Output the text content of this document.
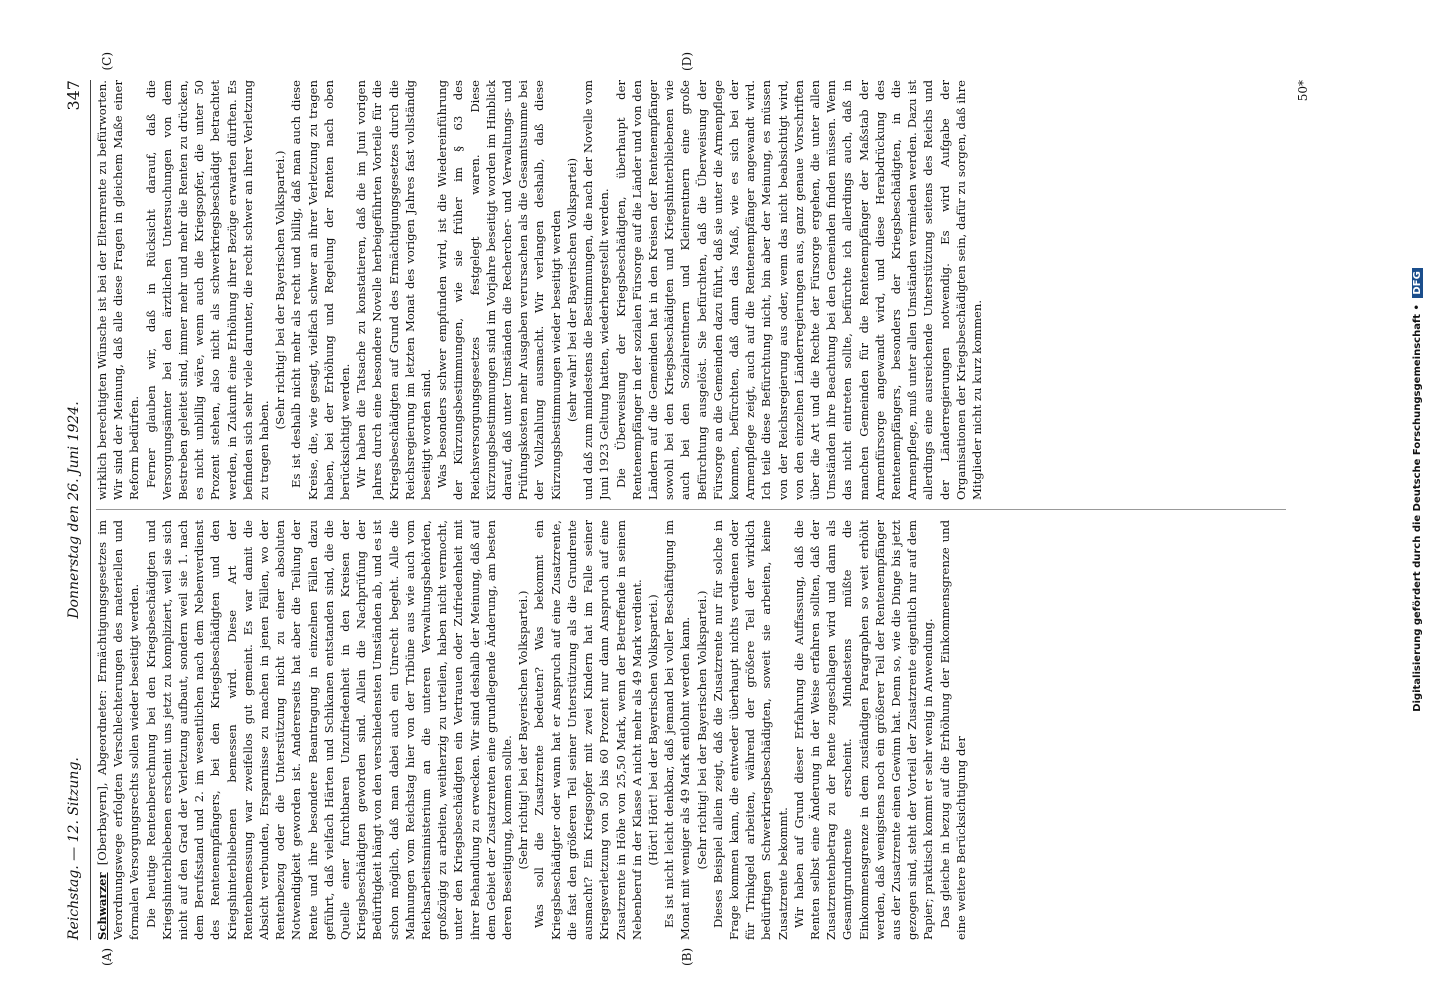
Reichstag. — 12. Sitzung.
Donnerstag den 26. Juni 1924.
347
(A)	(B)
(C)	(D)

Schwarzer [Oberbayern], Abgeordneter: Ermächtigungsgesetzes im Verordnungswege erfolgten Verschlechterungen des materiellen und formalen Versorgungsrechts sollen wieder beseitigt werden. Die heutige Rentenberechnung bei den Kriegsbeschädigten und Kriegshinterbliebenen erscheint uns jetzt zu kompliziert, weil sie sich nicht auf den Grad der Verletzung aufbaut, sondern weil sie 1. nach dem Berufsstand und 2. im wesentlichen nach dem Nebenverdienst des Rentenempfängers, bei den Kriegsbeschädigten und den Kriegshinterbliebenen bemessen wird. Diese Art der Rentenbemessung war zweifellos gut gemeint. Es war damit die Absicht verbunden, Ersparnisse zu machen in jenen Fällen, wo der Rentenbezug oder die Unterstützung nicht zu einer absoluten Notwendigkeit geworden ist. Andererseits hat aber die Teilung der Rente und ihre besondere Beantragung in einzelnen Fällen dazu geführt, daß vielfach Härten und Schikanen entstanden sind, die die Quelle einer furchtbaren Unzufriedenheit in den Kreisen der Kriegsbeschädigten geworden sind. Allein die Nachprüfung der Bedürftigkeit hängt von den verschiedensten Umständen ab, und es ist schon möglich, daß man dabei auch ein Unrecht begeht. Alle die Mahnungen vom Reichstag hier von der Tribüne aus wie auch vom Reichsarbeitsministerium an die unteren Verwaltungsbehörden, großzügig zu arbeiten, weitherzig zu urteilen, haben nicht vermocht, unter den Kriegsbeschädigten ein Vertrauen oder Zufriedenheit mit ihrer Behandlung zu erwecken. Wir sind deshalb der Meinung, daß auf dem Gebiet der Zusatzrenten eine grundlegende Änderung, am besten deren Beseitigung, kommen sollte. (Sehr richtig! bei der Bayerischen Volkspartei.) Was soll die Zusatzrente bedeuten? Was bekommt ein Kriegsbeschädigter oder wann hat er Anspruch auf eine Zusatzrente, die fast den größeren Teil seiner Unterstützung als die Grundrente ausmacht? Ein Kriegsopfer mit zwei Kindern hat im Falle seiner Kriegsverletzung von 50 bis 60 Prozent nur dann Anspruch auf eine Zusatzrente in Höhe von 25,50 Mark, wenn der Betreffende in seinem Nebenberuf in der Klasse A nicht mehr als 49 Mark verdient. (Hört! Hört! bei der Bayerischen Volkspartei.) Es ist nicht leicht denkbar, daß jemand bei voller Beschäftigung im Monat mit weniger als 49 Mark entlohnt werden kann. (Sehr richtig! bei der Bayerischen Volkspartei.) Dieses Beispiel allein zeigt, daß die Zusatzrente nur für solche in Frage kommen kann, die entweder überhaupt nichts verdienen oder für Trinkgeld arbeiten, während der größere Teil der wirklich bedürftigen Schwerkriegsbeschädigten, soweit sie arbeiten, keine Zusatzrente bekommt. Wir haben auf Grund dieser Erfahrung die Auffassung, daß die Renten selbst eine Änderung in der Weise erfahren sollten, daß der Zusatzrentenbetrag zu der Rente zugeschlagen wird und dann als Gesamtgrundrente erscheint. Mindestens müßte die Einkommensgrenze in dem zuständigen Paragraphen so weit erhöht werden, daß wenigstens noch ein größerer Teil der Rentenempfänger aus der Zusatzrente einen Gewinn hat. Denn so, wie die Dinge bis jetzt gezogen sind, steht der Vorteil der Zusatzrente eigentlich nur auf dem Papier; praktisch kommt er sehr wenig in Anwendung. Das gleiche in bezug auf die Erhöhung der Einkommensgrenze und eine weitere Berücksichtigung der

wirklich berechtigten Wünsche ist bei der Elternrente zu befürworten. Wir sind der Meinung, daß alle diese Fragen in gleichem Maße einer Reform bedürfen. Ferner glauben wir, daß in Rücksicht darauf, daß die Versorgungsämter bei den ärztlichen Untersuchungen von dem Bestreben geleitet sind, immer mehr und mehr die Renten zu drücken, es nicht unbillig wäre, wenn auch die Kriegsopfer, die unter 50 Prozent stehen, also nicht als schwerkriegsbeschädigt betrachtet werden, in Zukunft eine Erhöhung ihrer Bezüge erwarten dürften. Es befinden sich sehr viele darunter, die recht schwer an ihrer Verletzung zu tragen haben.

(Sehr richtig! bei der Bayerischen Volkspartei.) Es ist deshalb nicht mehr als recht und billig, daß man auch diese Kreise, die, wie gesagt, vielfach schwer an ihrer Verletzung zu tragen haben, bei der Erhöhung und Regelung der Renten nach oben berücksichtigt werden. Wir haben die Tatsache zu konstatieren, daß die im Juni vorigen Jahres durch eine besondere Novelle herbeigeführten Vorteile für die Kriegsbeschädigten auf Grund des Ermächtigungsgesetzes durch die Reichsregierung im letzten Monat des vorigen Jahres fast vollständig beseitigt worden sind. Was besonders schwer empfunden wird, ist die Wiedereinführung der Kürzungsbestimmungen, wie sie früher im § 63 des Reichsversorgungsgesetzes festgelegt waren. Diese Kürzungsbestimmungen sind im Vorjahre beseitigt worden im Hinblick darauf, daß unter Umständen die Rechercher- und Verwaltungs- und Prüfungskosten mehr Ausgaben verursachen als die Gesamtsumme bei der Vollzahlung ausmacht. Wir verlangen deshalb, daß diese Kürzungsbestimmungen wieder beseitigt werden (sehr wahr! bei der Bayerischen Volkspartei) und daß zum mindestens die Bestimmungen, die nach der Novelle vom Juni 1923 Geltung hatten, wiederhergestellt werden. Die Überweisung der Kriegsbeschädigten, überhaupt der Rentenempfänger in der sozialen Fürsorge auf die Länder und von den Ländern auf die Gemeinden hat in den Kreisen der Rentenempfänger sowohl bei den Kriegsbeschädigten und Kriegshinterbliebenen wie auch bei den Sozialrentnern und Kleinrentnern eine große Befürchtung ausgelöst. Sie befürchten, daß die Überweisung der Fürsorge an die Gemeinden dazu führt, daß sie unter die Armenpflege kommen, befürchten, daß dann das Maß, wie es sich bei der Armenpflege zeigt, auch auf die Rentenempfänger angewandt wird. Ich teile diese Befürchtung nicht, bin aber der Meinung, es müssen von der Reichsregierung aus oder, wenn das nicht beabsichtigt wird, von den einzelnen Länderregierungen aus, ganz genaue Vorschriften über die Art und die Rechte der Fürsorge ergehen, die unter allen Umständen ihre Beachtung bei den Gemeinden finden müssen. Wenn das nicht eintreten sollte, befürchte ich allerdings auch, daß in manchen Gemeinden für die Rentenempfänger der Maßstab der Armenfürsorge angewandt wird, und diese Herabdrückung des Rentenempfängers, besonders der Kriegsbeschädigten, in die Armenpflege, muß unter allen Umständen vermieden werden. Dazu ist allerdings eine ausreichende Unterstützung seitens des Reichs und der Länderregierungen notwendig. Es wird Aufgabe der Organisationen der Kriegsbeschädigten sein, dafür zu sorgen, daß ihre Mitglieder nicht zu kurz kommen.

50*
Digitalisierung gefördert durch die Deutsche Forschungsgemeinschaft • DFG
